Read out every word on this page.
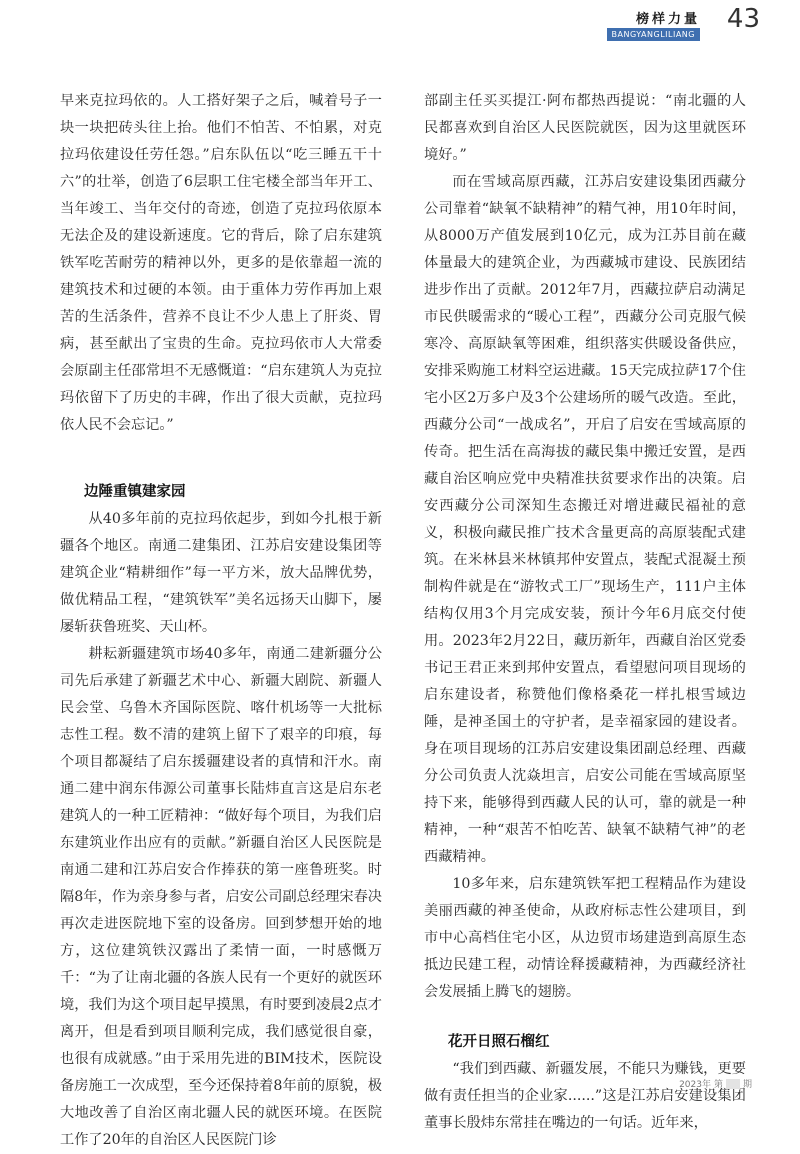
榜样力量
BANGYANGLILIANG
43

早来克拉玛依的。人工搭好架子之后，喊着号子一块一块把砖头往上抬。他们不怕苦、不怕累，对克拉玛依建设任劳任怨。”启东队伍以“吃三睡五干十六”的壮举，创造了6层职工住宅楼全部当年开工、当年竣工、当年交付的奇迹，创造了克拉玛依原本无法企及的建设新速度。它的背后，除了启东建筑铁军吃苦耐劳的精神以外，更多的是依靠超一流的建筑技术和过硬的本领。由于重体力劳作再加上艰苦的生活条件，营养不良让不少人患上了肝炎、胃病，甚至献出了宝贵的生命。克拉玛依市人大常委会原副主任邵常坦不无感慨道：“启东建筑人为克拉玛依留下了历史的丰碑，作出了很大贡献，克拉玛依人民不会忘记。”

边陲重镇建家园

从40多年前的克拉玛依起步，到如今扎根于新疆各个地区。南通二建集团、江苏启安建设集团等建筑企业“精耕细作”每一平方米，放大品牌优势，做优精品工程，“建筑铁军”美名远扬天山脚下，屡屡斩获鲁班奖、天山杯。

耕耘新疆建筑市场40多年，南通二建新疆分公司先后承建了新疆艺术中心、新疆大剧院、新疆人民会堂、乌鲁木齐国际医院、喀什机场等一大批标志性工程。数不清的建筑上留下了艰辛的印痕，每个项目都凝结了启东援疆建设者的真情和汗水。南通二建中润东伟源公司董事长陆炜直言这是启东老建筑人的一种工匠精神：“做好每个项目，为我们启东建筑业作出应有的贡献。”新疆自治区人民医院是南通二建和江苏启安合作捧获的第一座鲁班奖。时隔8年，作为亲身参与者，启安公司副总经理宋春决再次走进医院地下室的设备房。回到梦想开始的地方，这位建筑铁汉露出了柔情一面，一时感慨万千：“为了让南北疆的各族人民有一个更好的就医环境，我们为这个项目起早摸黑，有时要到凌晨2点才离开，但是看到项目顺利完成，我们感觉很自豪，也很有成就感。”由于采用先进的BIM技术，医院设备房施工一次成型，至今还保持着8年前的原貌，极大地改善了自治区南北疆人民的就医环境。在医院工作了20年的自治区人民医院门诊

部副主任买买提江·阿布都热西提说：“南北疆的人民都喜欢到自治区人民医院就医，因为这里就医环境好。”

而在雪域高原西藏，江苏启安建设集团西藏分公司靠着“缺氧不缺精神”的精气神，用10年时间，从8000万产值发展到10亿元，成为江苏目前在藏体量最大的建筑企业，为西藏城市建设、民族团结进步作出了贡献。2012年7月，西藏拉萨启动满足市民供暖需求的“暖心工程”，西藏分公司克服气候寒冷、高原缺氧等困难，组织落实供暖设备供应，安排采购施工材料空运进藏。15天完成拉萨17个住宅小区2万多户及3个公建场所的暖气改造。至此，西藏分公司“一战成名”，开启了启安在雪域高原的传奇。把生活在高海拔的藏民集中搬迁安置，是西藏自治区响应党中央精准扶贫要求作出的决策。启安西藏分公司深知生态搬迁对增进藏民福祉的意义，积极向藏民推广技术含量更高的高原装配式建筑。在米林县米林镇邦仲安置点，装配式混凝土预制构件就是在“游牧式工厂”现场生产，111户主体结构仅用3个月完成安装，预计今年6月底交付使用。2023年2月22日，藏历新年，西藏自治区党委书记王君正来到邦仲安置点，看望慰问项目现场的启东建设者，称赞他们像格桑花一样扎根雪域边陲，是神圣国土的守护者，是幸福家园的建设者。身在项目现场的江苏启安建设集团副总经理、西藏分公司负责人沈焱坦言，启安公司能在雪域高原坚持下来，能够得到西藏人民的认可，靠的就是一种精神，一种“艰苦不怕吃苦、缺氧不缺精气神”的老西藏精神。

10多年来，启东建筑铁军把工程精品作为建设美丽西藏的神圣使命，从政府标志性公建项目，到市中心高档住宅小区，从边贸市场建造到高原生态抵边民建工程，动情诠释援藏精神，为西藏经济社会发展插上腾飞的翅膀。

花开日照石榴红

“我们到西藏、新疆发展，不能只为赚钱，更要做有责任担当的企业家......”这是江苏启安建设集团董事长殷炜东常挂在嘴边的一句话。近年来，

2023年 第 期
